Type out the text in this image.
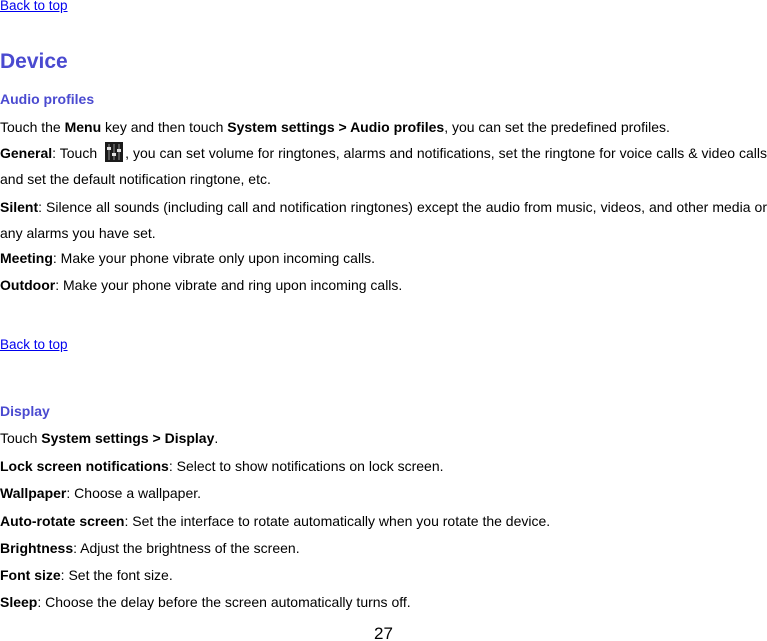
Back to top
Device
Audio profiles
Touch the Menu key and then touch System settings > Audio profiles, you can set the predefined profiles.
General: Touch , you can set volume for ringtones, alarms and notifications, set the ringtone for voice calls & video calls and set the default notification ringtone, etc.
Silent: Silence all sounds (including call and notification ringtones) except the audio from music, videos, and other media or any alarms you have set.
Meeting: Make your phone vibrate only upon incoming calls.
Outdoor: Make your phone vibrate and ring upon incoming calls.
Back to top
Display
Touch System settings > Display.
Lock screen notifications: Select to show notifications on lock screen.
Wallpaper: Choose a wallpaper.
Auto-rotate screen: Set the interface to rotate automatically when you rotate the device.
Brightness: Adjust the brightness of the screen.
Font size: Set the font size.
Sleep: Choose the delay before the screen automatically turns off.
27
